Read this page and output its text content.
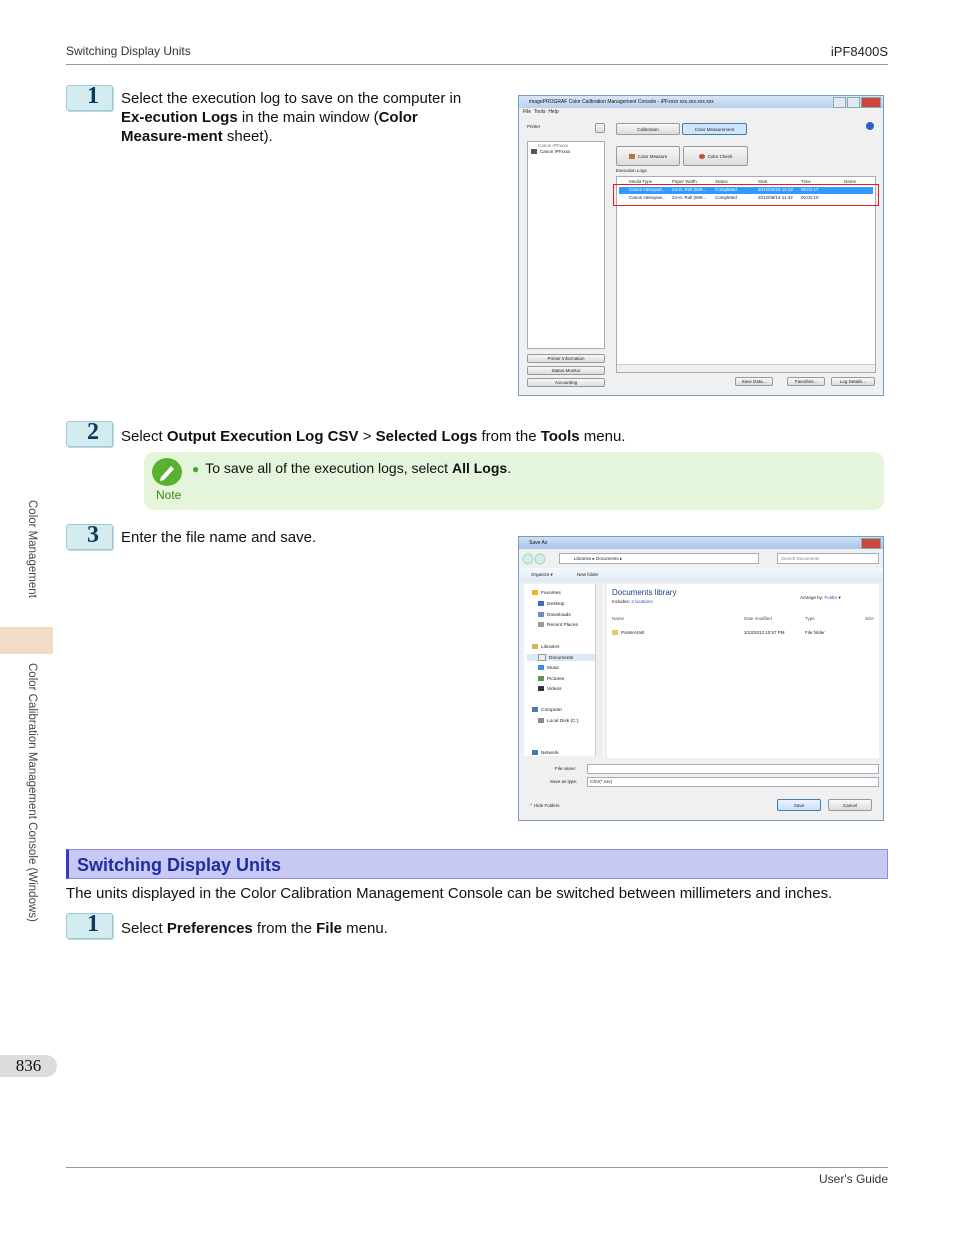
Switching Display Units	iPF8400S
Color Management
Color Calibration Management Console (Windows)
836
User's Guide
1 Select the execution log to save on the computer in Ex-ecution Logs in the main window (Color Measure-ment sheet).
imagePROGRAF Color Calibration Management Console - iPFxxxx xxx.xxx.xxx.xxx
File Tools Help
Printer
Canon iPFxxxx
Canon iPFxxxx
Printer Information
Status Monitor
Accounting
Calibration	Color Measurement
Color Measure	Color Check
Execution Logs
Media Type	Paper Width	Status	Start	Time	Name
Canon Heavywe...	24-in. Roll (609...	Completed	2012/04/15 15:32	00:01:17
Canon Heavywe...	24-in. Roll (609...	Completed	2012/08/14 11:42	00:01:10
Save Data...	Favorites...	Log Details...
2 Select Output Execution Log CSV > Selected Logs from the Tools menu.
Note
● To save all of the execution logs, select All Logs.
3 Enter the file name and save.	Save As
Libraries ▸ Documents ▸	Search Documents
Organize ▾	New folder
Favorites
Desktop
Downloads
Recent Places
Libraries
Documents
Music
Pictures
Videos
Computer
Local Disk (C:)
Network
Documents library
Includes: 2 locations
Arrange by: Folder ▾
Name	Date modified	Type	Size
PosterArtist	3/13/2012 10:57 PM	File folder
File name:
Save as type:	CSV(*.csv)
⌃ Hide Folders	Save	Cancel
Switching Display Units
The units displayed in the Color Calibration Management Console can be switched between millimeters and inches.
1 Select Preferences from the File menu.
